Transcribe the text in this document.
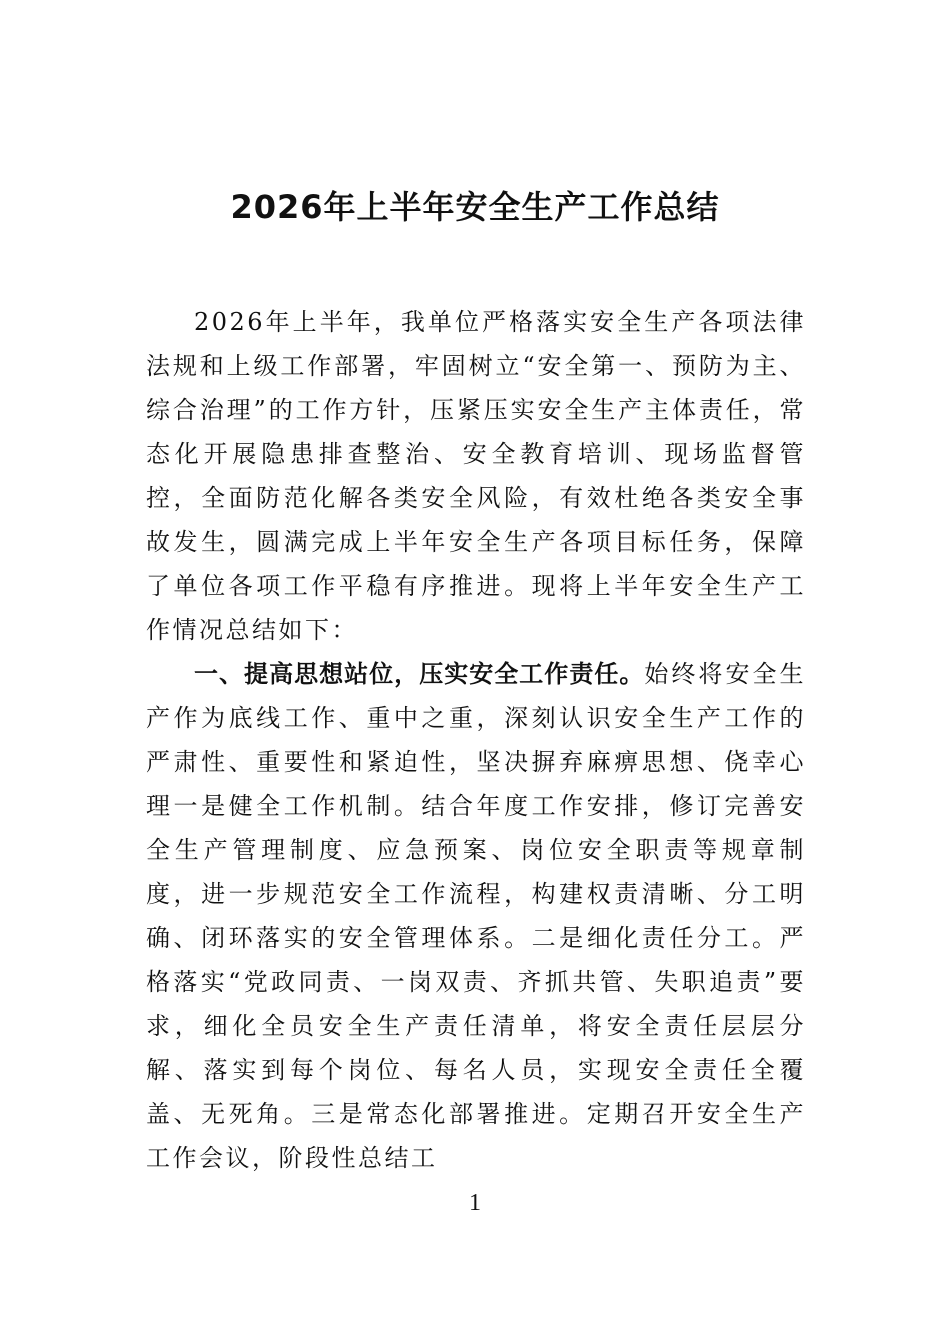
2026年上半年安全生产工作总结

2026年上半年，我单位严格落实安全生产各项法律法规和上级工作部署，牢固树立“安全第一、预防为主、综合治理”的工作方针，压紧压实安全生产主体责任，常态化开展隐患排查整治、安全教育培训、现场监督管控，全面防范化解各类安全风险，有效杜绝各类安全事故发生，圆满完成上半年安全生产各项目标任务，保障了单位各项工作平稳有序推进。现将上半年安全生产工作情况总结如下：

一、提高思想站位，压实安全工作责任。始终将安全生产作为底线工作、重中之重，深刻认识安全生产工作的严肃性、重要性和紧迫性，坚决摒弃麻痹思想、侥幸心理一是健全工作机制。结合年度工作安排，修订完善安全生产管理制度、应急预案、岗位安全职责等规章制度，进一步规范安全工作流程，构建权责清晰、分工明确、闭环落实的安全管理体系。二是细化责任分工。严格落实“党政同责、一岗双责、齐抓共管、失职追责”要求，细化全员安全生产责任清单，将安全责任层层分解、落实到每个岗位、每名人员，实现安全责任全覆盖、无死角。三是常态化部署推进。定期召开安全生产工作会议，阶段性总结工

1
